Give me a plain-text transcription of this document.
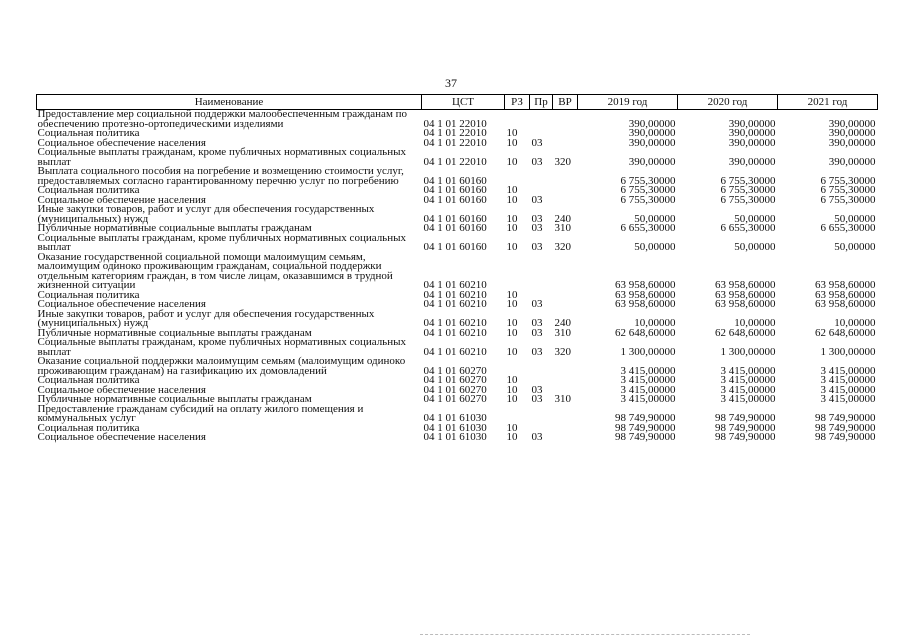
37
Наименование	ЦСТ	РЗ	Пр	ВР	2019 год	2020 год	2021 год
Предоставление мер социальной поддержки малообеспеченным гражданам по обеспечению протезно-ортопедическими изделиями	04 1 01 22010				390,00000	390,00000	390,00000
Социальная политика	04 1 01 22010	10			390,00000	390,00000	390,00000
Социальное обеспечение населения	04 1 01 22010	10	03		390,00000	390,00000	390,00000
Социальные выплаты гражданам, кроме публичных нормативных социальных выплат	04 1 01 22010	10	03	320	390,00000	390,00000	390,00000
Выплата социального пособия на погребение и возмещению стоимости услуг, предоставляемых согласно гарантированному перечню услуг по погребению	04 1 01 60160				6 755,30000	6 755,30000	6 755,30000
Социальная политика	04 1 01 60160	10			6 755,30000	6 755,30000	6 755,30000
Социальное обеспечение населения	04 1 01 60160	10	03		6 755,30000	6 755,30000	6 755,30000
Иные закупки товаров, работ и услуг для обеспечения государственных (муниципальных) нужд	04 1 01 60160	10	03	240	50,00000	50,00000	50,00000
Публичные нормативные социальные выплаты гражданам	04 1 01 60160	10	03	310	6 655,30000	6 655,30000	6 655,30000
Социальные выплаты гражданам, кроме публичных нормативных социальных выплат	04 1 01 60160	10	03	320	50,00000	50,00000	50,00000
Оказание государственной социальной помощи малоимущим семьям, малоимущим одиноко проживающим гражданам, социальной поддержки отдельным категориям граждан, в том числе лицам, оказавшимся в трудной жизненной ситуации	04 1 01 60210				63 958,60000	63 958,60000	63 958,60000
Социальная политика	04 1 01 60210	10			63 958,60000	63 958,60000	63 958,60000
Социальное обеспечение населения	04 1 01 60210	10	03		63 958,60000	63 958,60000	63 958,60000
Иные закупки товаров, работ и услуг для обеспечения государственных (муниципальных) нужд	04 1 01 60210	10	03	240	10,00000	10,00000	10,00000
Публичные нормативные социальные выплаты гражданам	04 1 01 60210	10	03	310	62 648,60000	62 648,60000	62 648,60000
Социальные выплаты гражданам, кроме публичных нормативных социальных выплат	04 1 01 60210	10	03	320	1 300,00000	1 300,00000	1 300,00000
Оказание социальной поддержки малоимущим семьям (малоимущим одиноко проживающим гражданам) на газификацию их домовладений	04 1 01 60270				3 415,00000	3 415,00000	3 415,00000
Социальная политика	04 1 01 60270	10			3 415,00000	3 415,00000	3 415,00000
Социальное обеспечение населения	04 1 01 60270	10	03		3 415,00000	3 415,00000	3 415,00000
Публичные нормативные социальные выплаты гражданам	04 1 01 60270	10	03	310	3 415,00000	3 415,00000	3 415,00000
Предоставление гражданам субсидий на оплату жилого помещения и коммунальных услуг	04 1 01 61030				98 749,90000	98 749,90000	98 749,90000
Социальная политика	04 1 01 61030	10			98 749,90000	98 749,90000	98 749,90000
Социальное обеспечение населения	04 1 01 61030	10	03		98 749,90000	98 749,90000	98 749,90000
